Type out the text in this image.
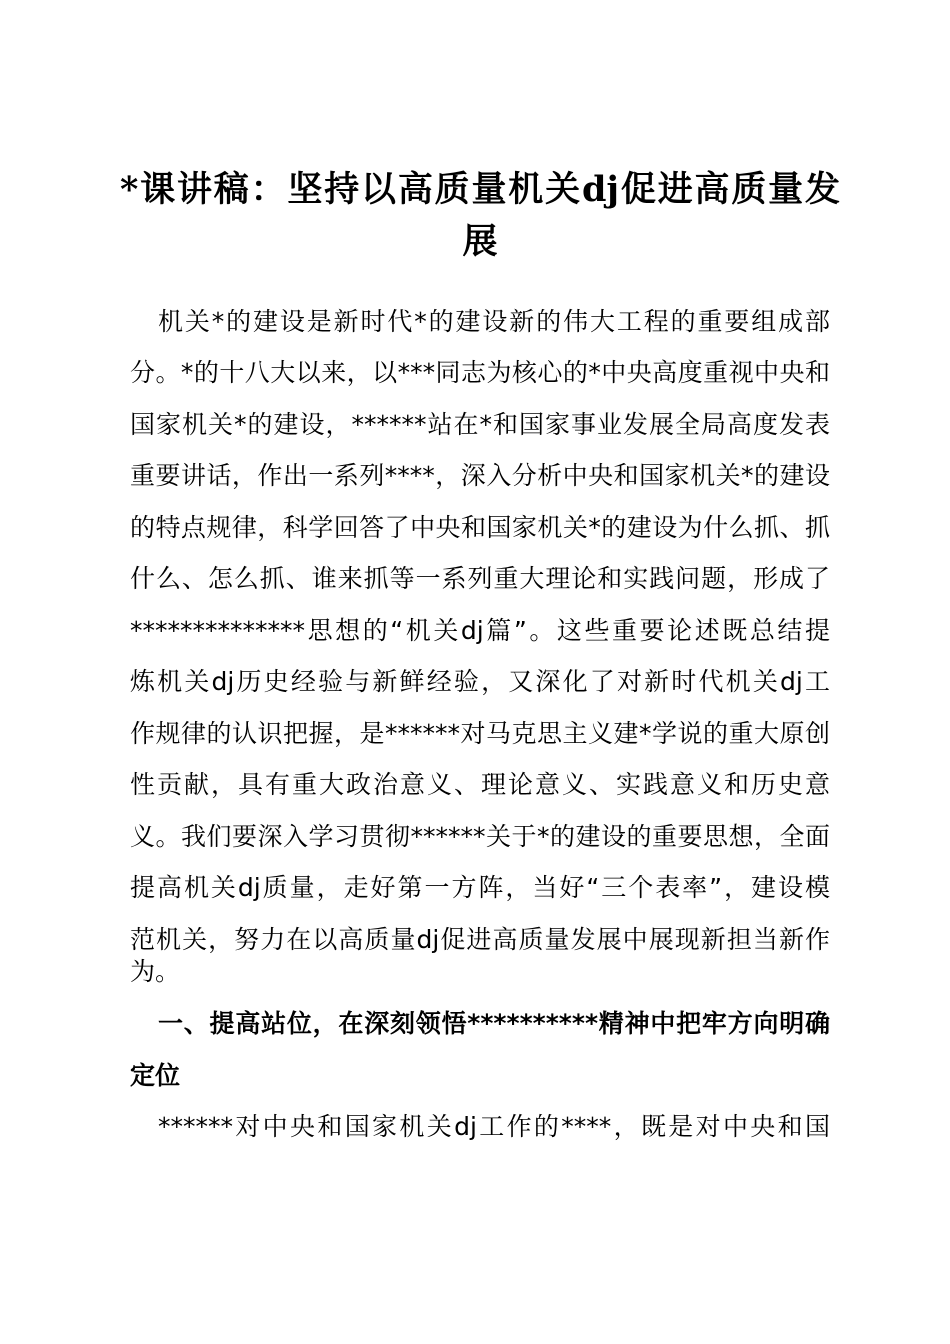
*课讲稿：坚持以高质量机关dj促进高质量发
展
机关*的建设是新时代*的建设新的伟大工程的重要组成部
分。*的十八大以来，以***同志为核心的*中央高度重视中央和
国家机关*的建设，******站在*和国家事业发展全局高度发表
重要讲话，作出一系列****，深入分析中央和国家机关*的建设
的特点规律，科学回答了中央和国家机关*的建设为什么抓、抓
什么、怎么抓、谁来抓等一系列重大理论和实践问题，形成了
**************思想的“机关dj篇”。这些重要论述既总结提
炼机关dj历史经验与新鲜经验，又深化了对新时代机关dj工
作规律的认识把握，是******对马克思主义建*学说的重大原创
性贡献，具有重大政治意义、理论意义、实践意义和历史意
义。我们要深入学习贯彻******关于*的建设的重要思想，全面
提高机关dj质量，走好第一方阵，当好“三个表率”，建设模
范机关，努力在以高质量dj促进高质量发展中展现新担当新作
为。
一、提高站位，在深刻领悟**********精神中把牢方向明确
定位
******对中央和国家机关dj工作的****，既是对中央和国
